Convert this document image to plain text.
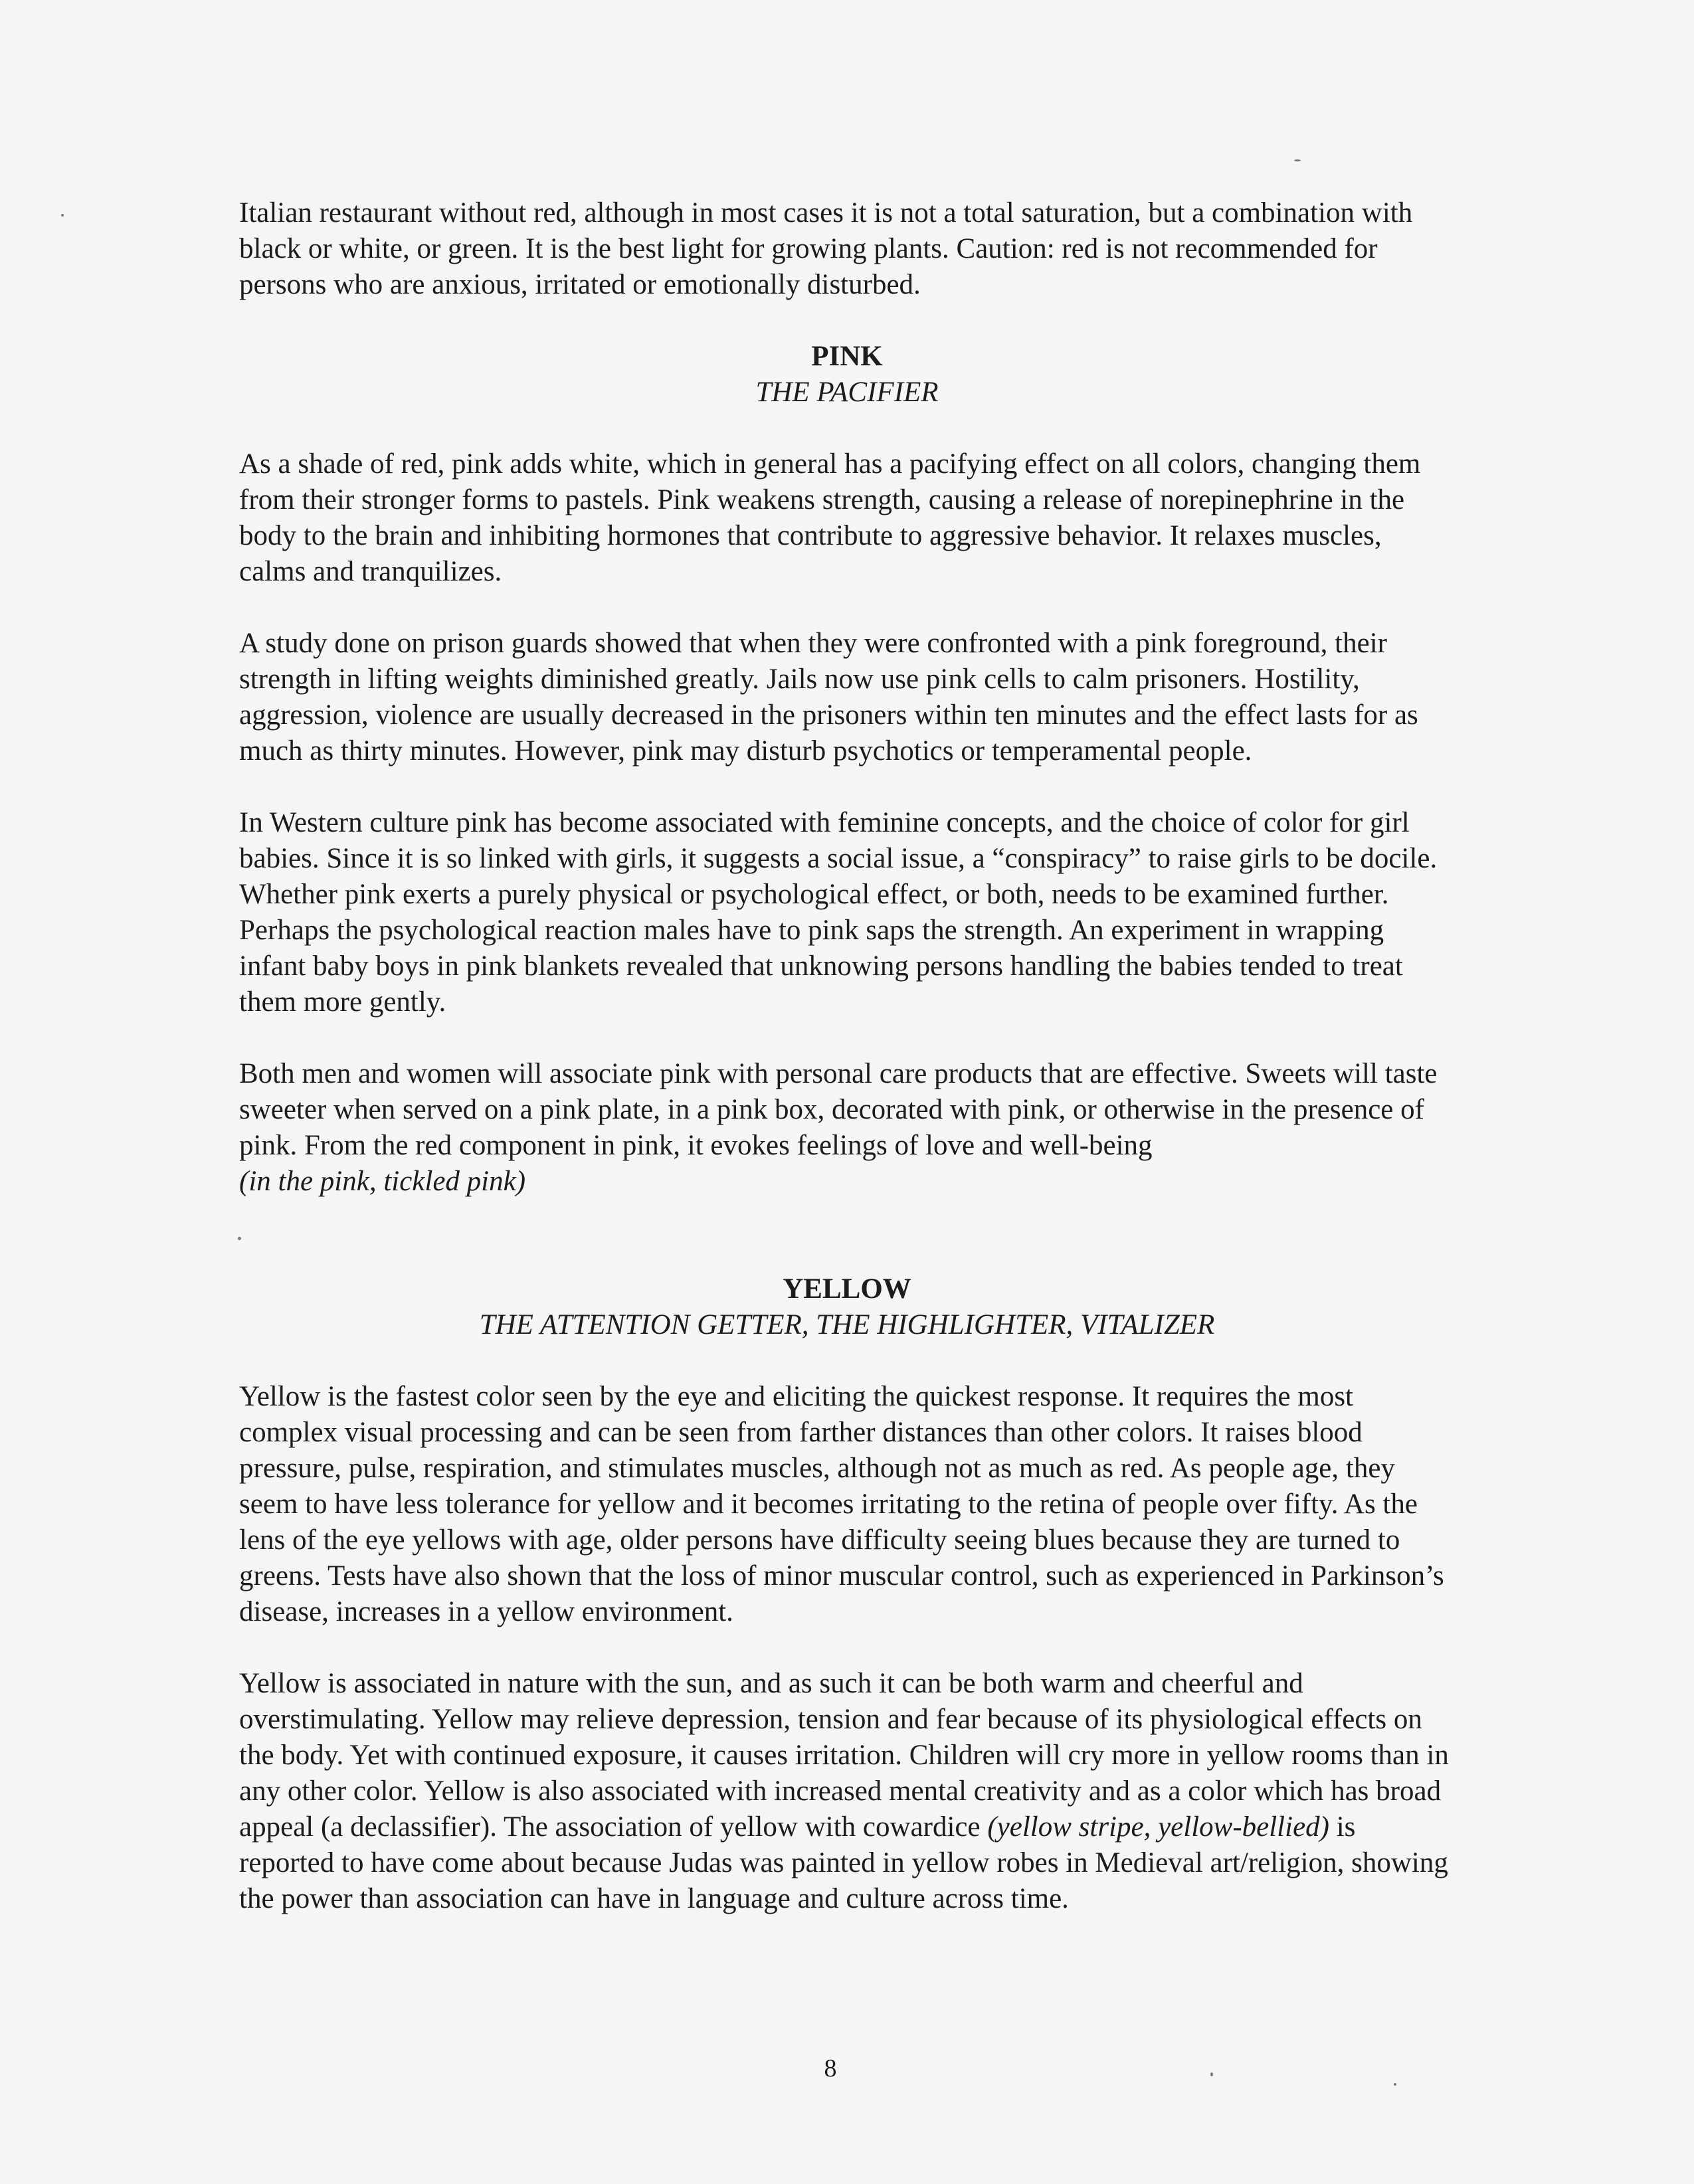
Italian restaurant without red, although in most cases it is not a total saturation, but a combination with black or white, or green. It is the best light for growing plants. Caution: red is not recommended for persons who are anxious, irritated or emotionally disturbed.

PINK
THE PACIFIER

As a shade of red, pink adds white, which in general has a pacifying effect on all colors, changing them from their stronger forms to pastels. Pink weakens strength, causing a release of norepinephrine in the body to the brain and inhibiting hormones that contribute to aggressive behavior. It relaxes muscles, calms and tranquilizes.

A study done on prison guards showed that when they were confronted with a pink foreground, their strength in lifting weights diminished greatly. Jails now use pink cells to calm prisoners. Hostility, aggression, violence are usually decreased in the prisoners within ten minutes and the effect lasts for as much as thirty minutes. However, pink may disturb psychotics or temperamental people.

In Western culture pink has become associated with feminine concepts, and the choice of color for girl babies. Since it is so linked with girls, it suggests a social issue, a “conspiracy” to raise girls to be docile. Whether pink exerts a purely physical or psychological effect, or both, needs to be examined further. Perhaps the psychological reaction males have to pink saps the strength. An experiment in wrapping infant baby boys in pink blankets revealed that unknowing persons handling the babies tended to treat them more gently.

Both men and women will associate pink with personal care products that are effective. Sweets will taste sweeter when served on a pink plate, in a pink box, decorated with pink, or otherwise in the presence of pink. From the red component in pink, it evokes feelings of love and well-being
(in the pink, tickled pink)

YELLOW
THE ATTENTION GETTER, THE HIGHLIGHTER, VITALIZER

Yellow is the fastest color seen by the eye and eliciting the quickest response. It requires the most complex visual processing and can be seen from farther distances than other colors. It raises blood pressure, pulse, respiration, and stimulates muscles, although not as much as red. As people age, they seem to have less tolerance for yellow and it becomes irritating to the retina of people over fifty. As the lens of the eye yellows with age, older persons have difficulty seeing blues because they are turned to greens. Tests have also shown that the loss of minor muscular control, such as experienced in Parkinson’s disease, increases in a yellow environment.

Yellow is associated in nature with the sun, and as such it can be both warm and cheerful and overstimulating. Yellow may relieve depression, tension and fear because of its physiological effects on the body. Yet with continued exposure, it causes irritation. Children will cry more in yellow rooms than in any other color. Yellow is also associated with increased mental creativity and as a color which has broad appeal (a declassifier). The association of yellow with cowardice (yellow stripe, yellow-bellied) is reported to have come about because Judas was painted in yellow robes in Medieval art/religion, showing the power than association can have in language and culture across time.

8
